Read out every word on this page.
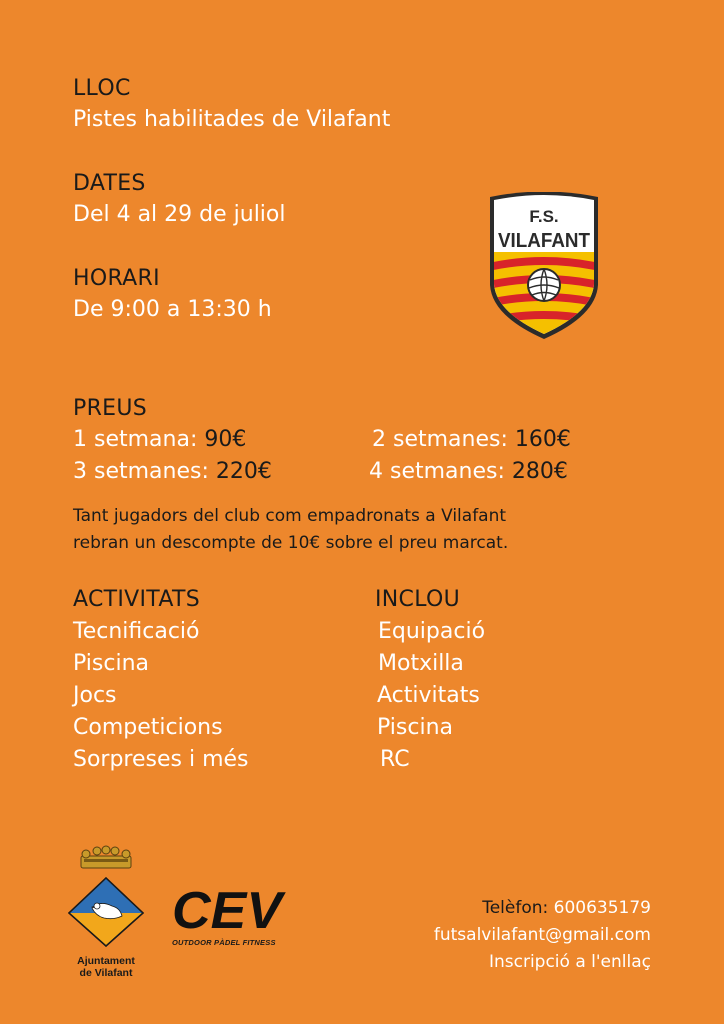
LLOC
Pistes habilitades de Vilafant
DATES
Del 4 al 29 de juliol
HORARI
De 9:00 a 13:30 h
F.S.
VILAFANT
PREUS
1 setmana: 90€	2 setmanes: 160€
3 setmanes: 220€	4 setmanes: 280€
Tant jugadors del club com empadronats a Vilafant
rebran un descompte de 10€ sobre el preu marcat.
ACTIVITATS
Tecnificació
Piscina
Jocs
Competicions
Sorpreses i més
INCLOU
Equipació
Motxilla
Activitats
Piscina
RC
Ajuntament
de Vilafant
CEV
OUTDOOR PÀDEL FITNESS
Telèfon: 600635179
futsalvilafant@gmail.com
Inscripció a l'enllaç
